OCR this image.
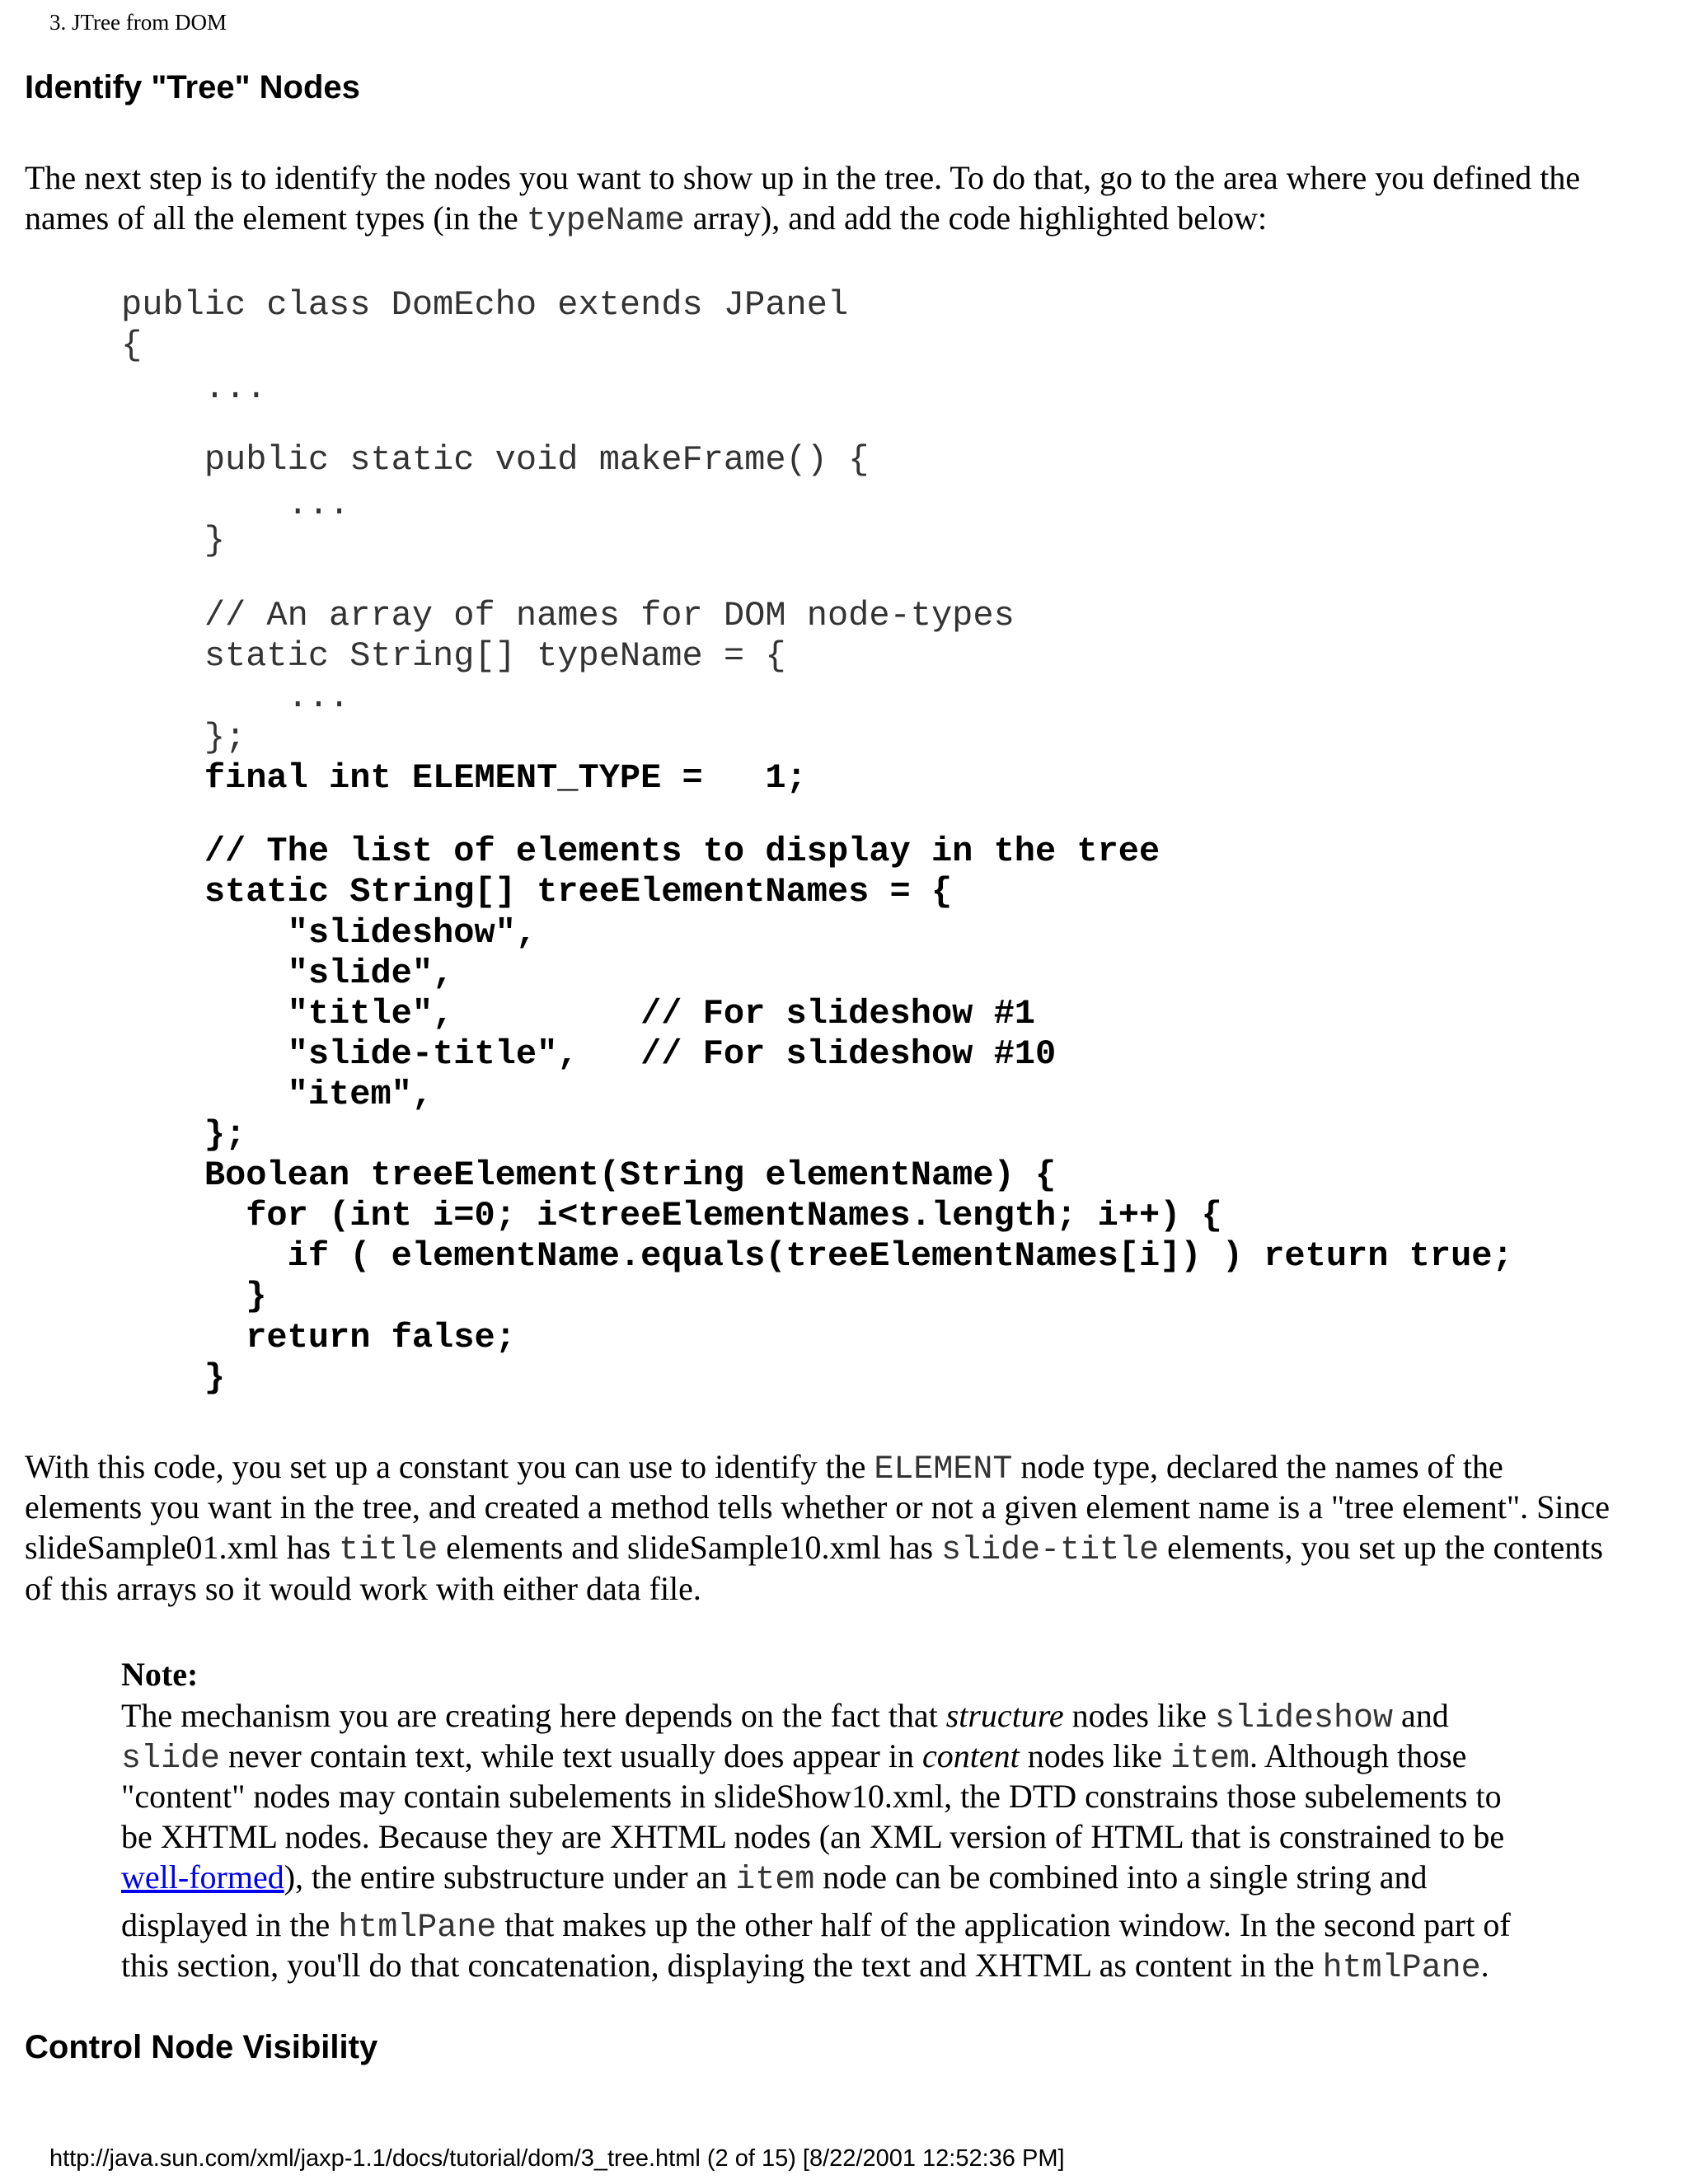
3. JTree from DOM
Identify "Tree" Nodes
The next step is to identify the nodes you want to show up in the tree. To do that, go to the area where you defined the
names of all the element types (in the typeName array), and add the code highlighted below:
public class DomEcho extends JPanel
{
...
public static void makeFrame() {
...
}
// An array of names for DOM node-types
static String[] typeName = {
...
};
final int ELEMENT_TYPE =   1;
// The list of elements to display in the tree
static String[] treeElementNames = {
"slideshow",
"slide",
"title",         // For slideshow #1
"slide-title",   // For slideshow #10
"item",
};
Boolean treeElement(String elementName) {
for (int i=0; i<treeElementNames.length; i++) {
if ( elementName.equals(treeElementNames[i]) ) return true;
}
return false;
}
With this code, you set up a constant you can use to identify the ELEMENT node type, declared the names of the
elements you want in the tree, and created a method tells whether or not a given element name is a "tree element". Since
slideSample01.xml has title elements and slideSample10.xml has slide-title elements, you set up the contents
of this arrays so it would work with either data file.
Note:
The mechanism you are creating here depends on the fact that structure nodes like slideshow and
slide never contain text, while text usually does appear in content nodes like item. Although those
"content" nodes may contain subelements in slideShow10.xml, the DTD constrains those subelements to
be XHTML nodes. Because they are XHTML nodes (an XML version of HTML that is constrained to be
well-formed), the entire substructure under an item node can be combined into a single string and
displayed in the htmlPane that makes up the other half of the application window. In the second part of
this section, you'll do that concatenation, displaying the text and XHTML as content in the htmlPane.
Control Node Visibility
http://java.sun.com/xml/jaxp-1.1/docs/tutorial/dom/3_tree.html (2 of 15) [8/22/2001 12:52:36 PM]
